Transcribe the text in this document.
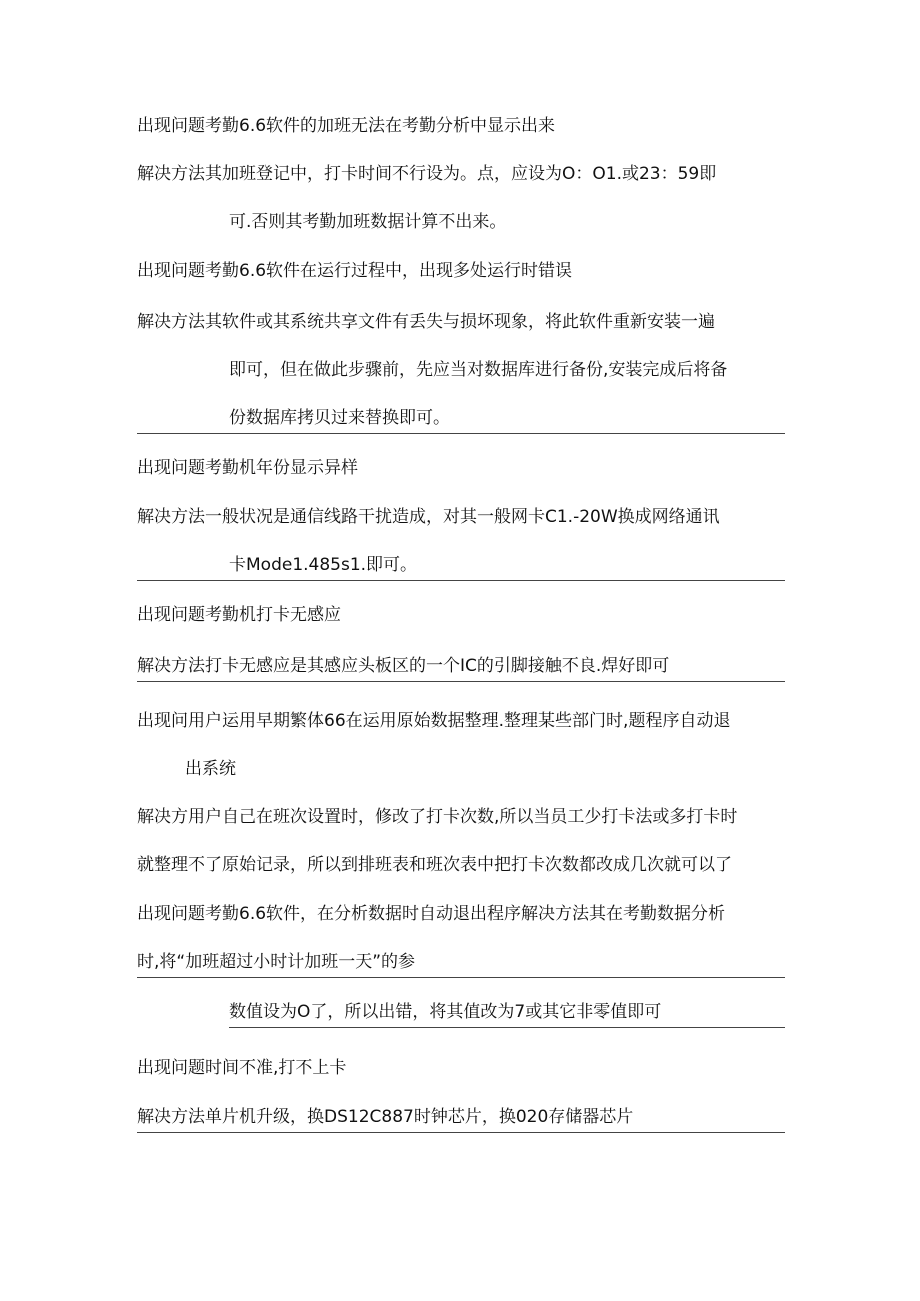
出现问题考勤6.6软件的加班无法在考勤分析中显示出来
解决方法其加班登记中，打卡时间不行设为。点，应设为O：O1.或23：59即
可.否则其考勤加班数据计算不出来。
出现问题考勤6.6软件在运行过程中，出现多处运行时错误
解决方法其软件或其系统共享文件有丢失与损坏现象，将此软件重新安装一遍
即可，但在做此步骤前，先应当对数据库进行备份,安装完成后将备
份数据库拷贝过来替换即可。
出现问题考勤机年份显示异样
解决方法一般状况是通信线路干扰造成，对其一般网卡C1.-20W换成网络通讯
卡Mode1.485s1.即可。
出现问题考勤机打卡无感应
解决方法打卡无感应是其感应头板区的一个IC的引脚接触不良.焊好即可
出现问用户运用早期繁体66在运用原始数据整理.整理某些部门时,题程序自动退
出系统
解决方用户自己在班次设置时，修改了打卡次数,所以当员工少打卡法或多打卡时
就整理不了原始记录，所以到排班表和班次表中把打卡次数都改成几次就可以了
出现问题考勤6.6软件，在分析数据时自动退出程序解决方法其在考勤数据分析
时,将“加班超过小时计加班一天”的参
数值设为O了，所以出错，将其值改为7或其它非零值即可
出现问题时间不准,打不上卡
解决方法单片机升级，换DS12C887时钟芯片，换020存储器芯片
